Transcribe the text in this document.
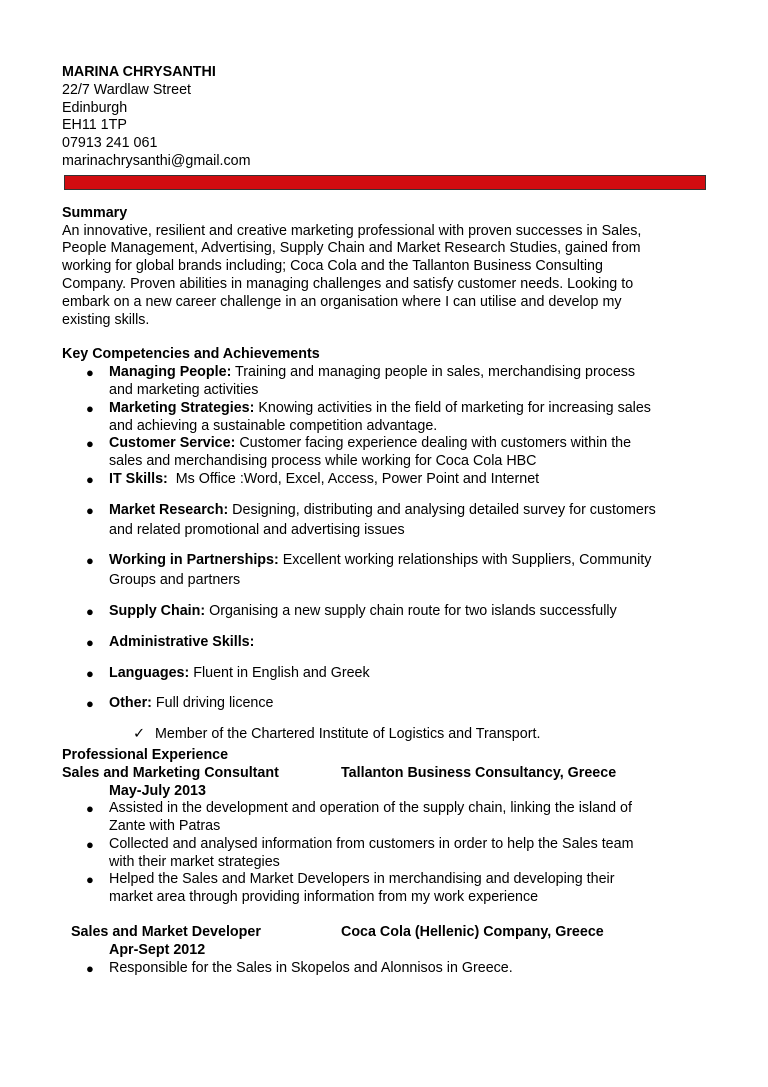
MARINA CHRYSANTHI
22/7 Wardlaw Street
Edinburgh
EH11 1TP
07913 241 061
marinachrysanthi@gmail.com
Summary
An innovative, resilient and creative marketing professional with proven successes in Sales,
People Management, Advertising, Supply Chain and Market Research Studies, gained from
working for global brands including; Coca Cola and the Tallanton Business Consulting
Company. Proven abilities in managing challenges and satisfy customer needs. Looking to
embark on a new career challenge in an organisation where I can utilise and develop my
existing skills.
Key Competencies and Achievements
● Managing People: Training and managing people in sales, merchandising process
and marketing activities
● Marketing Strategies: Knowing activities in the field of marketing for increasing sales
and achieving a sustainable competition advantage.
● Customer Service: Customer facing experience dealing with customers within the
sales and merchandising process while working for Coca Cola HBC
● IT Skills:  Ms Office :Word, Excel, Access, Power Point and Internet
● Market Research: Designing, distributing and analysing detailed survey for customers
and related promotional and advertising issues
● Working in Partnerships: Excellent working relationships with Suppliers, Community
Groups and partners
● Supply Chain: Organising a new supply chain route for two islands successfully
● Administrative Skills:
● Languages: Fluent in English and Greek
● Other: Full driving licence
✓ Member of the Chartered Institute of Logistics and Transport.
Professional Experience
Sales and Marketing Consultant	Tallanton Business Consultancy, Greece
May-July 2013
● Assisted in the development and operation of the supply chain, linking the island of
Zante with Patras
● Collected and analysed information from customers in order to help the Sales team
with their market strategies
● Helped the Sales and Market Developers in merchandising and developing their
market area through providing information from my work experience
Sales and Market Developer	Coca Cola (Hellenic) Company, Greece
Apr-Sept 2012
● Responsible for the Sales in Skopelos and Alonnisos in Greece.
